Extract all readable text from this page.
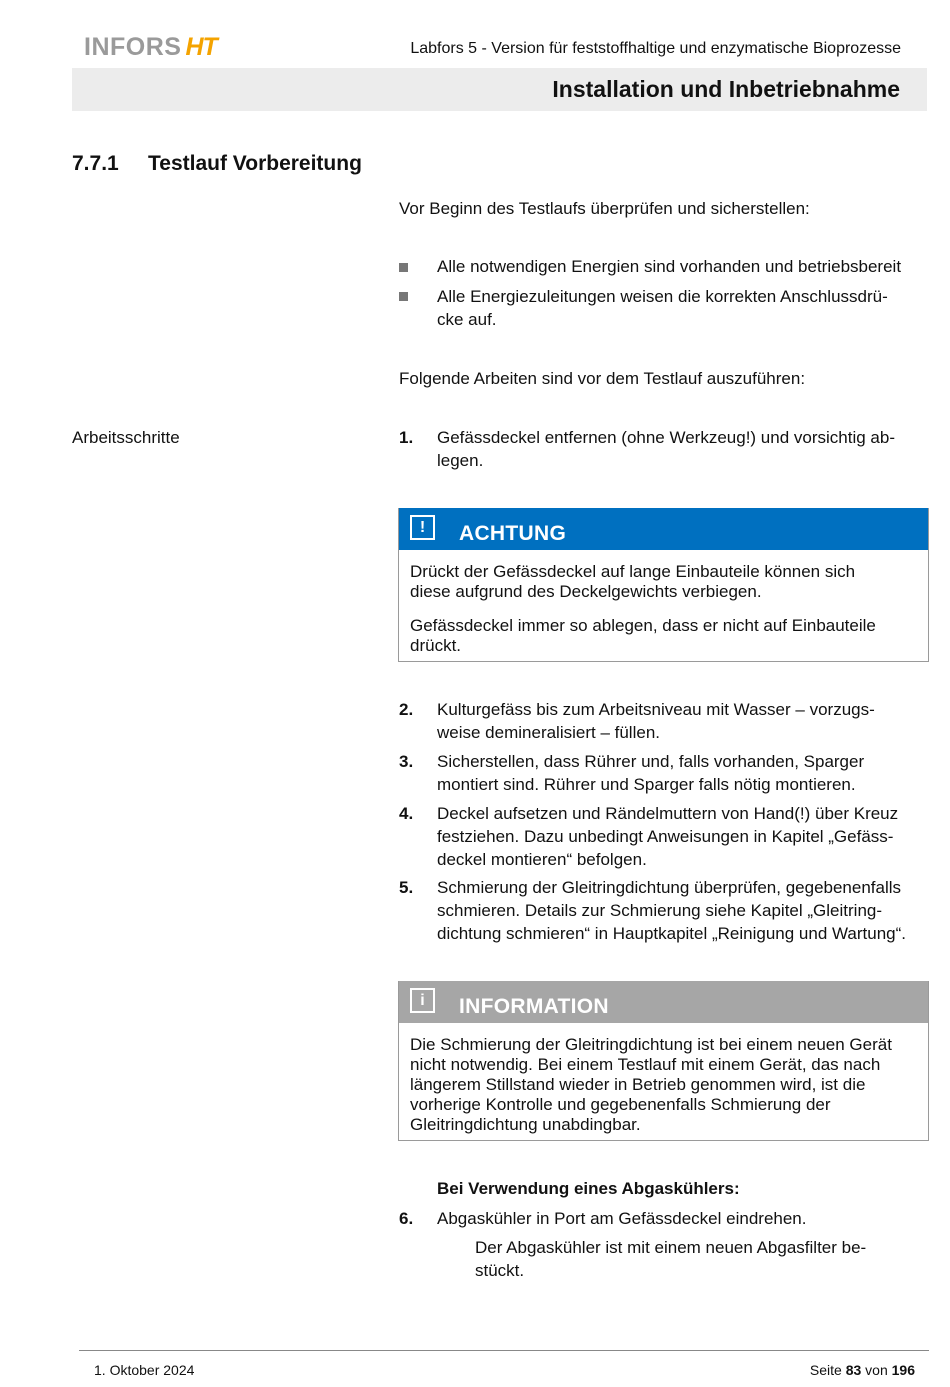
INFORS HT	Labfors 5 - Version für feststoffhaltige und enzymatische Bioprozesse
Installation und Inbetriebnahme
7.7.1 Testlauf Vorbereitung
Vor Beginn des Testlaufs überprüfen und sicherstellen:
Alle notwendigen Energien sind vorhanden und betriebsbereit
Alle Energiezuleitungen weisen die korrekten Anschlussdrü-
cke auf.
Folgende Arbeiten sind vor dem Testlauf auszuführen:
Arbeitsschritte	1. Gefässdeckel entfernen (ohne Werkzeug!) und vorsichtig ab-
legen.
!	ACHTUNG

Drückt der Gefässdeckel auf lange Einbauteile können sich
diese aufgrund des Deckelgewichts verbiegen.

Gefässdeckel immer so ablegen, dass er nicht auf Einbauteile
drückt.

2. Kulturgefäss bis zum Arbeitsniveau mit Wasser – vorzugs-
weise demineralisiert – füllen.
3. Sicherstellen, dass Rührer und, falls vorhanden, Sparger
montiert sind. Rührer und Sparger falls nötig montieren.
4. Deckel aufsetzen und Rändelmuttern von Hand(!) über Kreuz
festziehen. Dazu unbedingt Anweisungen in Kapitel „Gefäss-
deckel montieren“ befolgen.
5. Schmierung der Gleitringdichtung überprüfen, gegebenenfalls
schmieren. Details zur Schmierung siehe Kapitel „Gleitring-
dichtung schmieren“ in Hauptkapitel „Reinigung und Wartung“.
i	INFORMATION

Die Schmierung der Gleitringdichtung ist bei einem neuen Gerät
nicht notwendig. Bei einem Testlauf mit einem Gerät, das nach
längerem Stillstand wieder in Betrieb genommen wird, ist die
vorherige Kontrolle und gegebenenfalls Schmierung der
Gleitringdichtung unabdingbar.

Bei Verwendung eines Abgaskühlers:
6. Abgaskühler in Port am Gefässdeckel eindrehen.
Der Abgaskühler ist mit einem neuen Abgasfilter be-
stückt.
1. Oktober 2024	Seite 83 von 196
